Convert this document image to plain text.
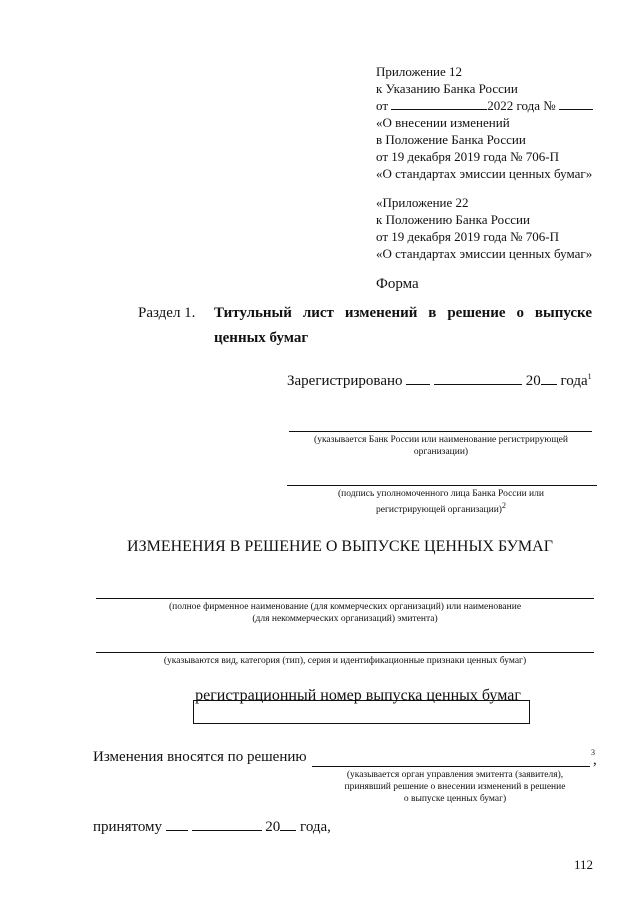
Приложение 12
к Указанию Банка России
от	2022 года №
«О внесении изменений
в Положение Банка России
от 19 декабря 2019 года № 706-П
«О стандартах эмиссии ценных бумаг»
«Приложение 22
к Положению Банка России
от 19 декабря 2019 года № 706-П
«О стандартах эмиссии ценных бумаг»
Форма
Раздел 1. Титульный лист изменений в решение о выпуске
ценных бумаг
Зарегистрировано	20 года$^1$
(указывается Банк России или наименование регистрирующей
организации)
(подпись уполномоченного лица Банка России или
регистрирующей организации)$^2$
ИЗМЕНЕНИЯ В РЕШЕНИЕ О ВЫПУСКЕ ЦЕННЫХ БУМАГ
(полное фирменное наименование (для коммерческих организаций) или наименование
(для некоммерческих организаций) эмитента)
(указываются вид, категория (тип), серия и идентификационные признаки ценных бумаг)
регистрационный номер выпуска ценных бумаг
Изменения вносятся по решению	3
,
(указывается орган управления эмитента (заявителя),
принявший решение о внесении изменений в решение
о выпуске ценных бумаг)
принятому	20 года,
112
